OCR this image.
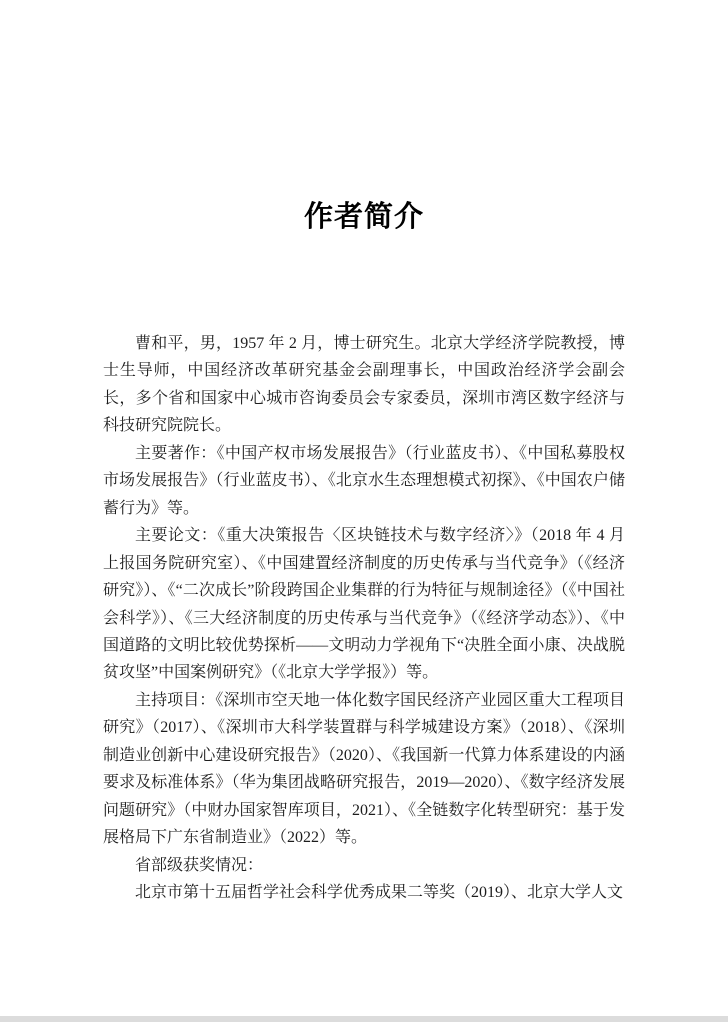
作者简介

曹和平，男，1957 年 2 月，博士研究生。北京大学经济学院教授，博士生导师，中国经济改革研究基金会副理事长，中国政治经济学会副会长，多个省和国家中心城市咨询委员会专家委员，深圳市湾区数字经济与科技研究院院长。

主要著作：《中国产权市场发展报告》（行业蓝皮书）、《中国私募股权市场发展报告》（行业蓝皮书）、《北京水生态理想模式初探》、《中国农户储蓄行为》等。

主要论文：《重大决策报告〈区块链技术与数字经济〉》（2018 年 4 月上报国务院研究室）、《中国建置经济制度的历史传承与当代竞争》（《经济研究》）、《“二次成长”阶段跨国企业集群的行为特征与规制途径》（《中国社会科学》）、《三大经济制度的历史传承与当代竞争》（《经济学动态》）、《中国道路的文明比较优势探析——文明动力学视角下“决胜全面小康、决战脱贫攻坚”中国案例研究》（《北京大学学报》）等。

主持项目：《深圳市空天地一体化数字国民经济产业园区重大工程项目研究》（2017）、《深圳市大科学装置群与科学城建设方案》（2018）、《深圳制造业创新中心建设研究报告》（2020）、《我国新一代算力体系建设的内涵要求及标准体系》（华为集团战略研究报告，2019—2020）、《数字经济发展问题研究》（中财办国家智库项目，2021）、《全链数字化转型研究：基于发展格局下广东省制造业》（2022）等。

省部级获奖情况：

北京市第十五届哲学社会科学优秀成果二等奖（2019）、北京大学人文
